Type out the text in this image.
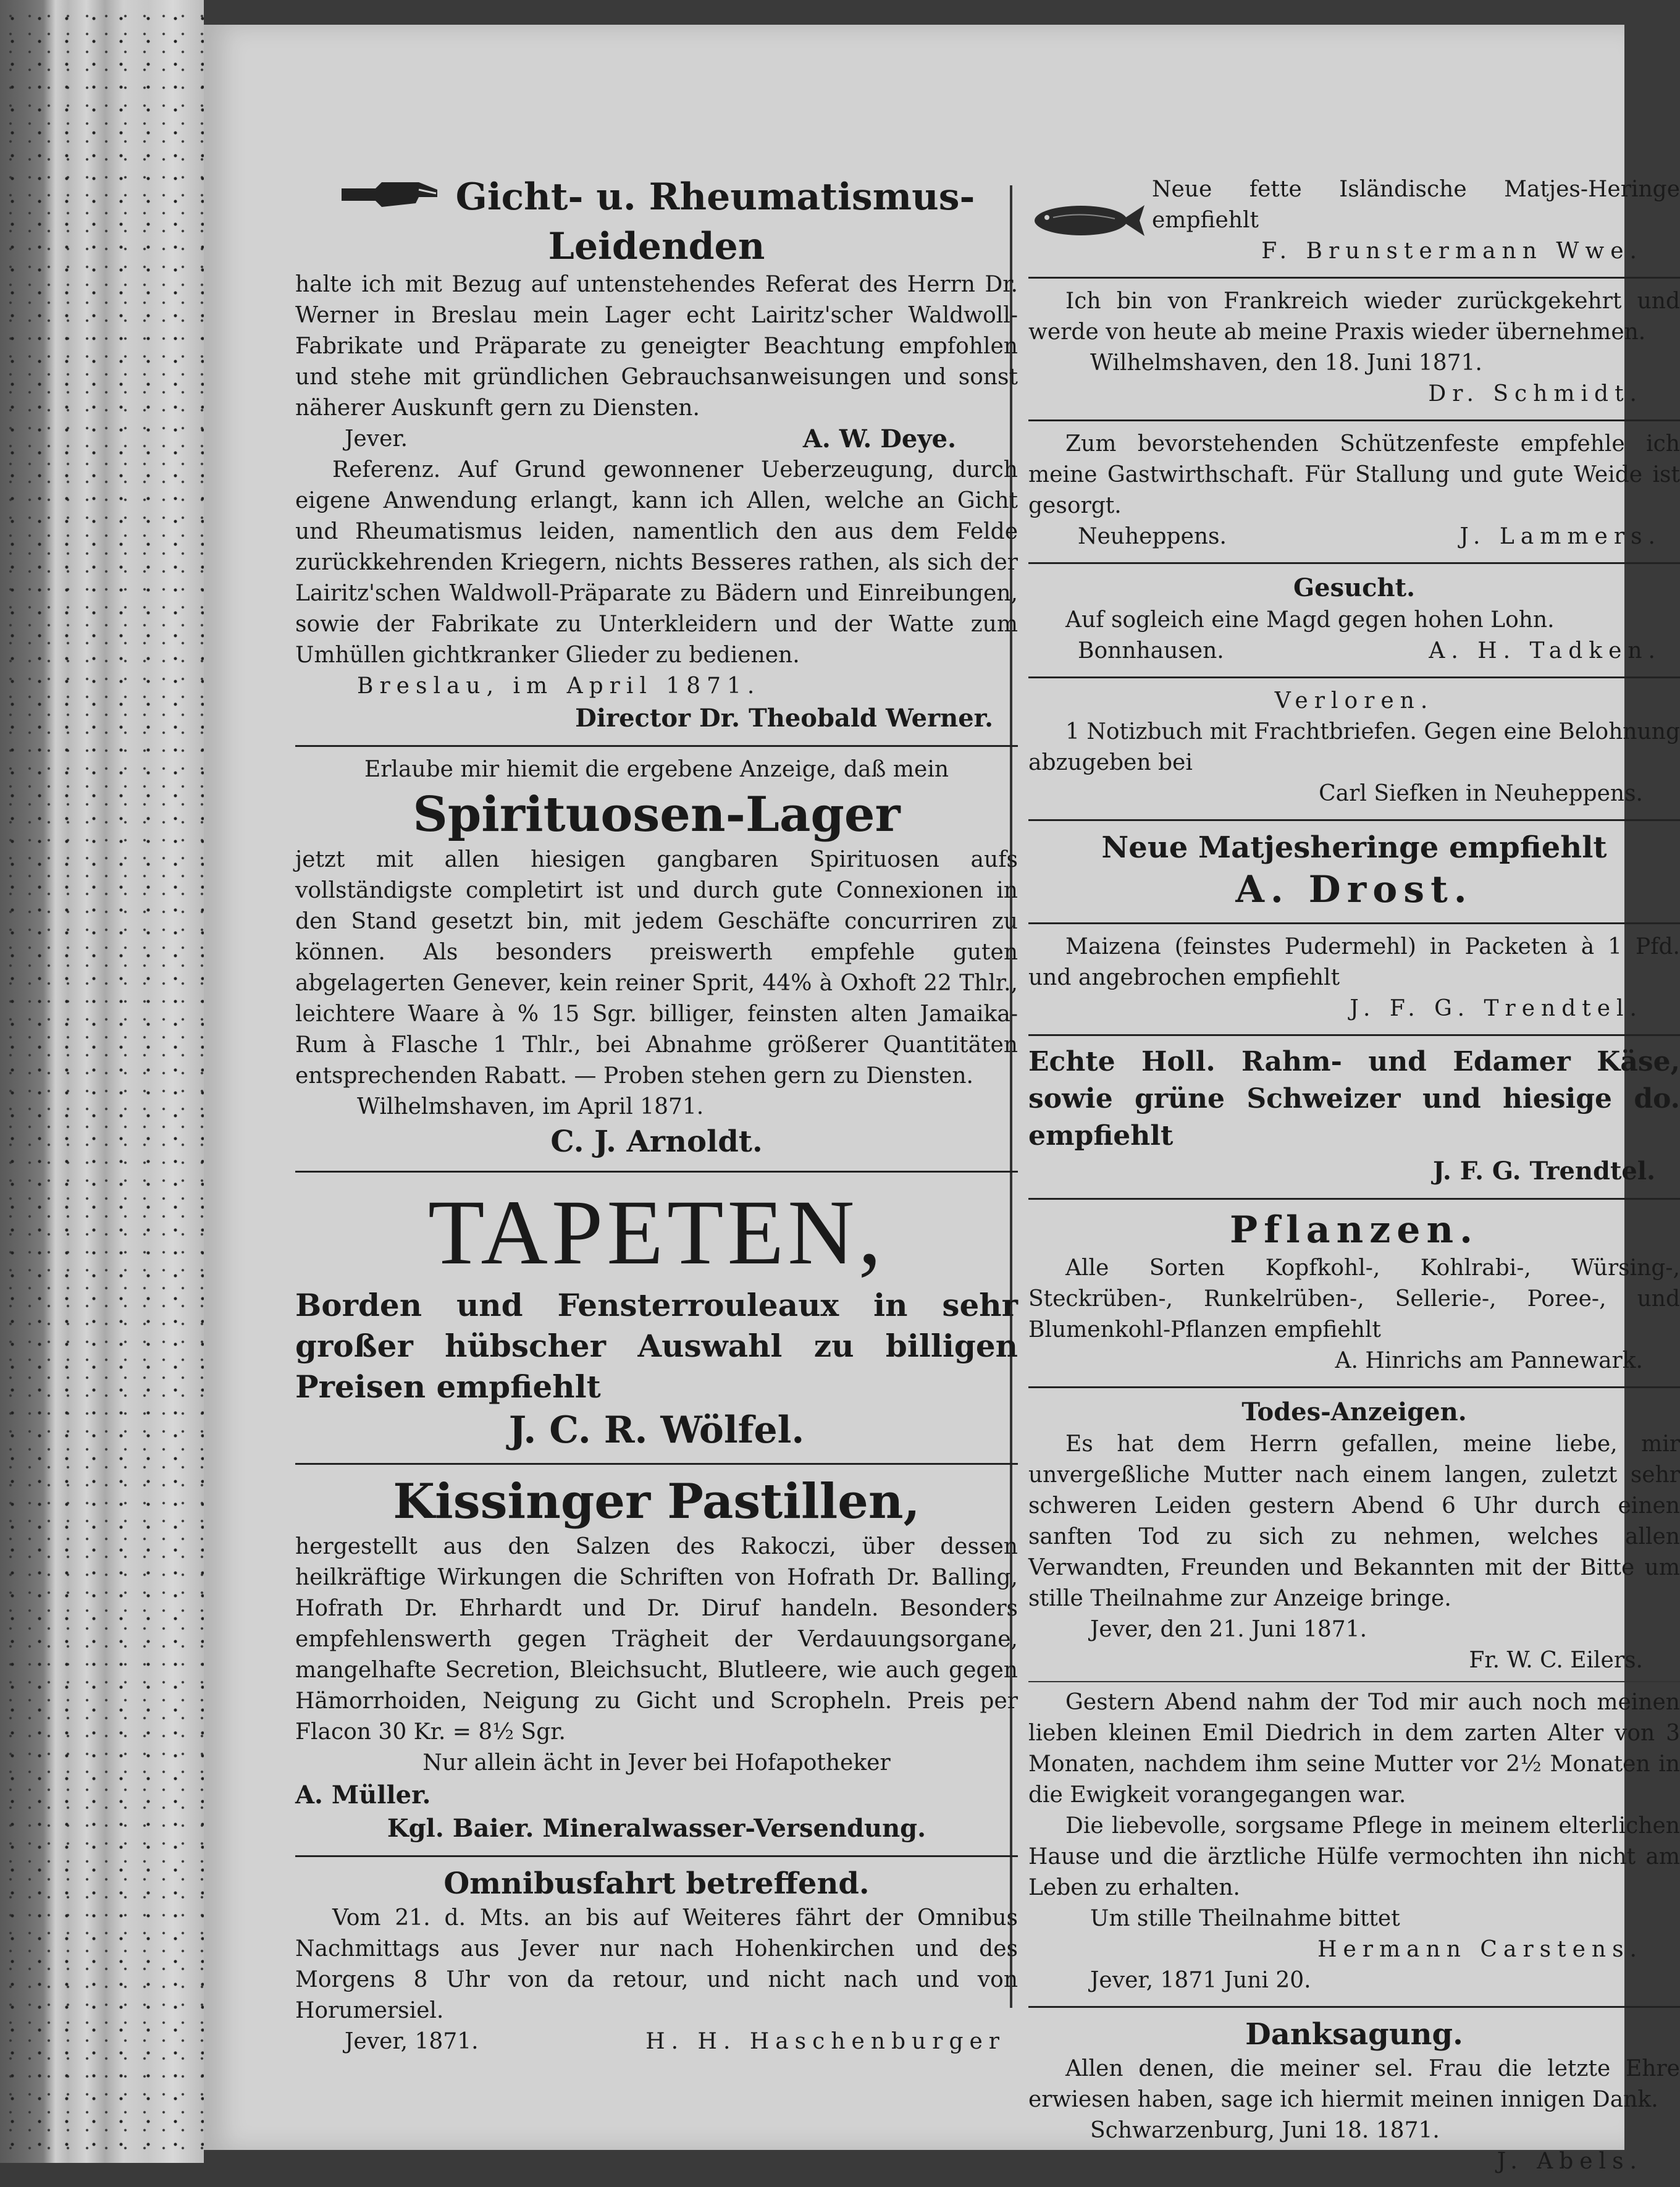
Gicht- u. Rheumatismus-
Leidenden

halte ich mit Bezug auf untenstehendes Referat des Herrn Dr. Werner in Breslau mein Lager echt Lairitz'scher Waldwoll-Fabrikate und Präparate zu geneigter Beachtung empfohlen und stehe mit gründlichen Gebrauchsanweisungen und sonst näherer Auskunft gern zu Diensten.

Jever.	A. W. Deye.

Referenz. Auf Grund gewonnener Ueberzeugung, durch eigene Anwendung erlangt, kann ich Allen, welche an Gicht und Rheumatismus leiden, namentlich den aus dem Felde zurückkehrenden Kriegern, nichts Besseres rathen, als sich der Lairitz'schen Waldwoll-Präparate zu Bädern und Einreibungen, sowie der Fabrikate zu Unterkleidern und der Watte zum Umhüllen gichtkranker Glieder zu bedienen.

Breslau, im April 1871.
Director Dr. Theobald Werner.

Erlaube mir hiemit die ergebene Anzeige, daß mein

Spirituosen-Lager

jetzt mit allen hiesigen gangbaren Spirituosen aufs vollständigste completirt ist und durch gute Connexionen in den Stand gesetzt bin, mit jedem Geschäfte concurriren zu können. Als besonders preiswerth empfehle guten abgelagerten Genever, kein reiner Sprit, 44% à Oxhoft 22 Thlr., leichtere Waare à % 15 Sgr. billiger, feinsten alten Jamaika-Rum à Flasche 1 Thlr., bei Abnahme größerer Quantitäten entsprechenden Rabatt. — Proben stehen gern zu Diensten.

Wilhelmshaven, im April 1871.
C. J. Arnoldt.
TAPETEN,

Borden und Fensterrouleaux in sehr großer hübscher Auswahl zu billigen Preisen empfiehlt

J. C. R. Wölfel.
Kissinger Pastillen,

hergestellt aus den Salzen des Rakoczi, über dessen heilkräftige Wirkungen die Schriften von Hofrath Dr. Balling, Hofrath Dr. Ehrhardt und Dr. Diruf handeln. Besonders empfehlenswerth gegen Trägheit der Verdauungsorgane, mangelhafte Secretion, Bleichsucht, Blutleere, wie auch gegen Hämorrhoiden, Neigung zu Gicht und Scropheln. Preis per Flacon 30 Kr. = 8½ Sgr.

Nur allein ächt in Jever bei Hofapotheker

A. Müller.
Kgl. Baier. Mineralwasser-Versendung.
Omnibusfahrt betreffend.

Vom 21. d. Mts. an bis auf Weiteres fährt der Omnibus Nachmittags aus Jever nur nach Hohenkirchen und des Morgens 8 Uhr von da retour, und nicht nach und von Horumersiel.

Jever, 1871.	H. H. Haschenburger

Neue fette Isländische Matjes-Heringe empfiehlt

F. Brunstermann Wwe.

Ich bin von Frankreich wieder zurückgekehrt und werde von heute ab meine Praxis wieder übernehmen.

Wilhelmshaven, den 18. Juni 1871.
Dr. Schmidt.

Zum bevorstehenden Schützenfeste empfehle ich meine Gastwirthschaft. Für Stallung und gute Weide ist gesorgt.

Neuheppens.	J. Lammers.
Gesucht.

Auf sogleich eine Magd gegen hohen Lohn.

Bonnhausen.	A. H. Tadken.
Verloren.

1 Notizbuch mit Frachtbriefen. Gegen eine Belohnung abzugeben bei

Carl Siefken in Neuheppens.
Neue Matjesheringe empfiehlt
A. Drost.

Maizena (feinstes Pudermehl) in Packeten à 1 Pfd. und angebrochen empfiehlt

J. F. G. Trendtel.

Echte Holl. Rahm- und Edamer Käse, sowie grüne Schweizer und hiesige do. empfiehlt

J. F. G. Trendtel.
Pflanzen.

Alle Sorten Kopfkohl-, Kohlrabi-, Würsing-, Steckrüben-, Runkelrüben-, Sellerie-, Poree-, und Blumenkohl-Pflanzen empfiehlt

A. Hinrichs am Pannewark.
Todes-Anzeigen.

Es hat dem Herrn gefallen, meine liebe, mir unvergeßliche Mutter nach einem langen, zuletzt sehr schweren Leiden gestern Abend 6 Uhr durch einen sanften Tod zu sich zu nehmen, welches allen Verwandten, Freunden und Bekannten mit der Bitte um stille Theilnahme zur Anzeige bringe.

Jever, den 21. Juni 1871.
Fr. W. C. Eilers.

Gestern Abend nahm der Tod mir auch noch meinen lieben kleinen Emil Diedrich in dem zarten Alter von 3 Monaten, nachdem ihm seine Mutter vor 2½ Monaten in die Ewigkeit vorangegangen war.

Die liebevolle, sorgsame Pflege in meinem elterlichen Hause und die ärztliche Hülfe vermochten ihn nicht am Leben zu erhalten.

Um stille Theilnahme bittet
Hermann Carstens.
Jever, 1871 Juni 20.
Danksagung.

Allen denen, die meiner sel. Frau die letzte Ehre erwiesen haben, sage ich hiermit meinen innigen Dank.

Schwarzenburg, Juni 18. 1871.
J. Abels.
